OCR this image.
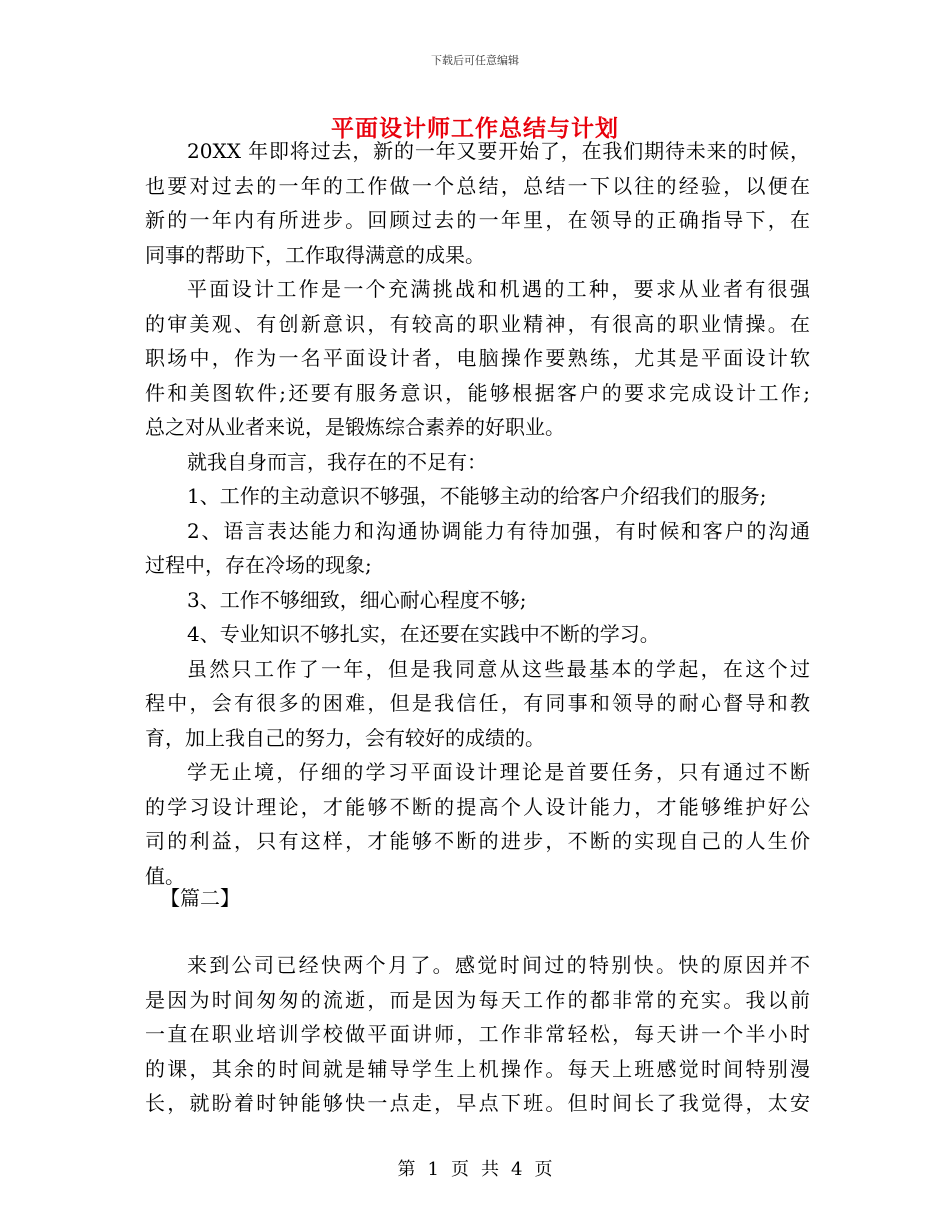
下载后可任意编辑
平面设计师工作总结与计划
20XX 年即将过去，新的一年又要开始了，在我们期待未来的时候，
也要对过去的一年的工作做一个总结，总结一下以往的经验，以便在
新的一年内有所进步。回顾过去的一年里，在领导的正确指导下，在
同事的帮助下，工作取得满意的成果。
平面设计工作是一个充满挑战和机遇的工种，要求从业者有很强
的审美观、有创新意识，有较高的职业精神，有很高的职业情操。在
职场中，作为一名平面设计者，电脑操作要熟练，尤其是平面设计软
件和美图软件;还要有服务意识，能够根据客户的要求完成设计工作;
总之对从业者来说，是锻炼综合素养的好职业。
就我自身而言，我存在的不足有：
1、工作的主动意识不够强，不能够主动的给客户介绍我们的服务;
2、语言表达能力和沟通协调能力有待加强，有时候和客户的沟通
过程中，存在冷场的现象;
3、工作不够细致，细心耐心程度不够;
4、专业知识不够扎实，在还要在实践中不断的学习。
虽然只工作了一年，但是我同意从这些最基本的学起，在这个过
程中，会有很多的困难，但是我信任，有同事和领导的耐心督导和教
育，加上我自己的努力，会有较好的成绩的。
学无止境，仔细的学习平面设计理论是首要任务，只有通过不断
的学习设计理论，才能够不断的提高个人设计能力，才能够维护好公
司的利益，只有这样，才能够不断的进步，不断的实现自己的人生价
值。
【篇二】
来到公司已经快两个月了。感觉时间过的特别快。快的原因并不
是因为时间匆匆的流逝，而是因为每天工作的都非常的充实。我以前
一直在职业培训学校做平面讲师，工作非常轻松，每天讲一个半小时
的课，其余的时间就是辅导学生上机操作。每天上班感觉时间特别漫
长，就盼着时钟能够快一点走，早点下班。但时间长了我觉得，太安
第 1 页 共 4 页
